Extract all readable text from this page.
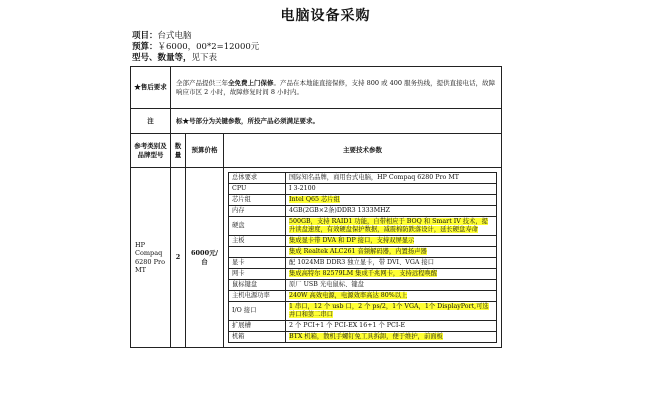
电脑设备采购
项目：台式电脑
预算：￥6000，00*2=12000元
型号、数量等，见下表
★售后要求	全部产品提供三年全免费上门保修。产品在本地能直接保修，支持 800 或 400 服务热线，提供直接电话，故障响应市区 2 小时，故障修复时间 8 小时内。
注	标★号部分为关键参数，所投产品必须满足要求。
参考类别及品牌型号	数量	预算价格	主要技术参数
HP Compaq 6280 Pro MT	2	6000元/台	
总体要求	国际知名品牌，商用台式电脑，HP Compaq 6280 Pro MT
CPU	I 3-2100
芯片组	Intel Q65 芯片组
内存	4GB(2GB×2条)DDR3 1333MHZ
硬盘	500GB，支持 RAID1 功能，自带相应于 BOQ 和 Smart IV 技术，提升读盘速度，有效硬盘保护数据，减震棉防跌落设计，延长硬盘寿命
主板	集成显卡带 DVA 和 DP 接口，支持双屏显示
	集成 Realtek ALC261 音频解码器，内置扬声器
显卡	配 1024MB DDR3 独立显卡，带 DVI、VGA 接口
网卡	集成高特尔 82579LM 集成千兆网卡，支持远程唤醒
鼠标键盘	原厂 USB 光电鼠标、键盘
主机电源功率	240W 高效电源，电源效率高达 80%以上
I/O 接口	1 串口，12 个 usb 口，2 个 ps/2，1个 VGA，1个 DisplayPort,可选并口和第二串口
扩展槽	2 个 PCI+1 个 PCI-EX 16+1 个 PCI-E
机箱	BTX 机箱，散机手螺钉免工具拆卸，便于维护，前面板
